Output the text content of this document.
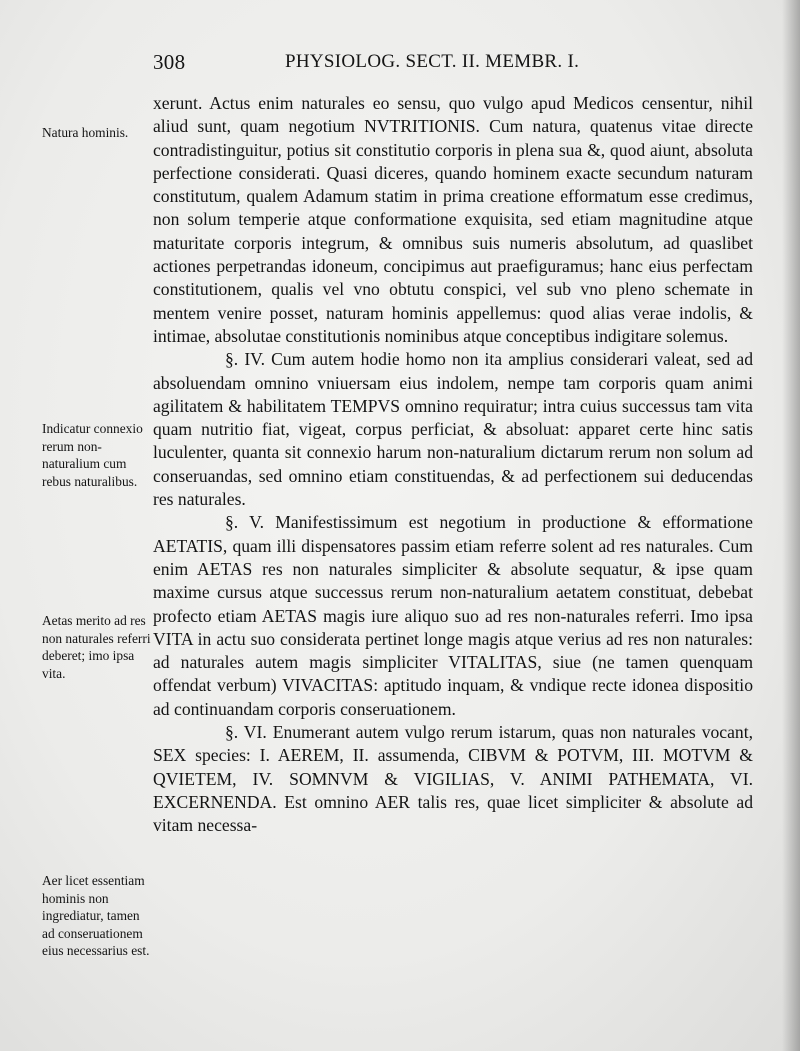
308	PHYSIOLOG. SECT. II. MEMBR. I.
Natura hominis.
Indicatur connexio rerum non-naturalium cum rebus naturalibus.
Aetas merito ad res non naturales referri deberet; imo ipsa vita.
Aer licet essentiam hominis non ingrediatur, tamen ad conseruationem eius necessarius est.

xerunt. Actus enim naturales eo sensu, quo vulgo apud Medicos censentur, nihil aliud sunt, quam negotium NVTRITIONIS. Cum natura, quatenus vitae directe contradistinguitur, potius sit constitutio corporis in plena sua &, quod aiunt, absoluta perfectione considerati. Quasi diceres, quando hominem exacte secundum naturam constitutum, qualem Adamum statim in prima creatione efformatum esse credimus, non solum temperie atque conformatione exquisita, sed etiam magnitudine atque maturitate corporis integrum, & omnibus suis numeris absolutum, ad quaslibet actiones perpetrandas idoneum, concipimus aut praefiguramus; hanc eius perfectam constitutionem, qualis vel vno obtutu conspici, vel sub vno pleno schemate in mentem venire posset, naturam hominis appellemus: quod alias verae indolis, & intimae, absolutae constitutionis nominibus atque conceptibus indigitare solemus.

§. IV. Cum autem hodie homo non ita amplius considerari valeat, sed ad absoluendam omnino vniuersam eius indolem, nempe tam corporis quam animi agilitatem & habilitatem TEMPVS omnino requiratur; intra cuius successus tam vita quam nutritio fiat, vigeat, corpus perficiat, & absoluat: apparet certe hinc satis luculenter, quanta sit connexio harum non-naturalium dictarum rerum non solum ad conseruandas, sed omnino etiam constituendas, & ad perfectionem sui deducendas res naturales.

§. V. Manifestissimum est negotium in productione & efformatione AETATIS, quam illi dispensatores passim etiam referre solent ad res naturales. Cum enim AETAS res non naturales simpliciter & absolute sequatur, & ipse quam maxime cursus atque successus rerum non-naturalium aetatem constituat, debebat profecto etiam AETAS magis iure aliquo suo ad res non-naturales referri. Imo ipsa VITA in actu suo considerata pertinet longe magis atque verius ad res non naturales: ad naturales autem magis simpliciter VITALITAS, siue (ne tamen quenquam offendat verbum) VIVACITAS: aptitudo inquam, & vndique recte idonea dispositio ad continuandam corporis conseruationem.

§. VI. Enumerant autem vulgo rerum istarum, quas non naturales vocant, SEX species: I. AEREM, II. assumenda, CIBVM & POTVM, III. MOTVM & QVIETEM, IV. SOMNVM & VIGILIAS, V. ANIMI PATHEMATA, VI. EXCERNENDA. Est omnino AER talis res, quae licet simpliciter & absolute ad vitam necessa-
